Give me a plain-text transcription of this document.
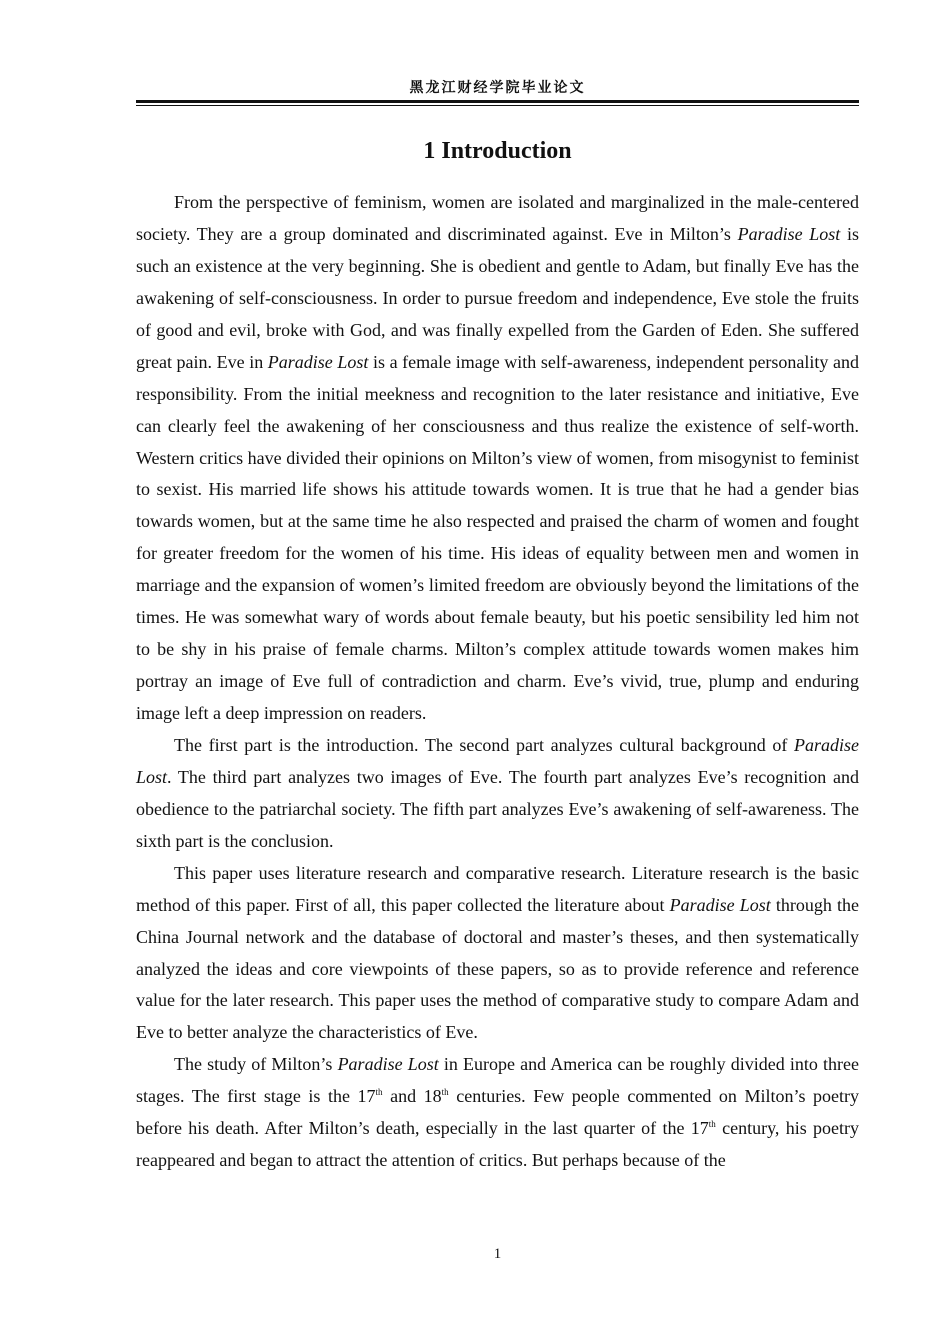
黑龙江财经学院毕业论文
1 Introduction

From the perspective of feminism, women are isolated and marginalized in the male-centered society. They are a group dominated and discriminated against. Eve in Milton’s Paradise Lost is such an existence at the very beginning. She is obedient and gentle to Adam, but finally Eve has the awakening of self-consciousness. In order to pursue freedom and independence, Eve stole the fruits of good and evil, broke with God, and was finally expelled from the Garden of Eden. She suffered great pain. Eve in Paradise Lost is a female image with self-awareness, independent personality and responsibility. From the initial meekness and recognition to the later resistance and initiative, Eve can clearly feel the awakening of her consciousness and thus realize the existence of self-worth. Western critics have divided their opinions on Milton’s view of women, from misogynist to feminist to sexist. His married life shows his attitude towards women. It is true that he had a gender bias towards women, but at the same time he also respected and praised the charm of women and fought for greater freedom for the women of his time. His ideas of equality between men and women in marriage and the expansion of women’s limited freedom are obviously beyond the limitations of the times. He was somewhat wary of words about female beauty, but his poetic sensibility led him not to be shy in his praise of female charms. Milton’s complex attitude towards women makes him portray an image of Eve full of contradiction and charm. Eve’s vivid, true, plump and enduring image left a deep impression on readers.

The first part is the introduction. The second part analyzes cultural background of Paradise Lost. The third part analyzes two images of Eve. The fourth part analyzes Eve’s recognition and obedience to the patriarchal society. The fifth part analyzes Eve’s awakening of self-awareness. The sixth part is the conclusion.

This paper uses literature research and comparative research. Literature research is the basic method of this paper. First of all, this paper collected the literature about Paradise Lost through the China Journal network and the database of doctoral and master’s theses, and then systematically analyzed the ideas and core viewpoints of these papers, so as to provide reference and reference value for the later research. This paper uses the method of comparative study to compare Adam and Eve to better analyze the characteristics of Eve.

The study of Milton’s Paradise Lost in Europe and America can be roughly divided into three stages. The first stage is the 17th and 18th centuries. Few people commented on Milton’s poetry before his death. After Milton’s death, especially in the last quarter of the 17th century, his poetry reappeared and began to attract the attention of critics. But perhaps because of the

1
